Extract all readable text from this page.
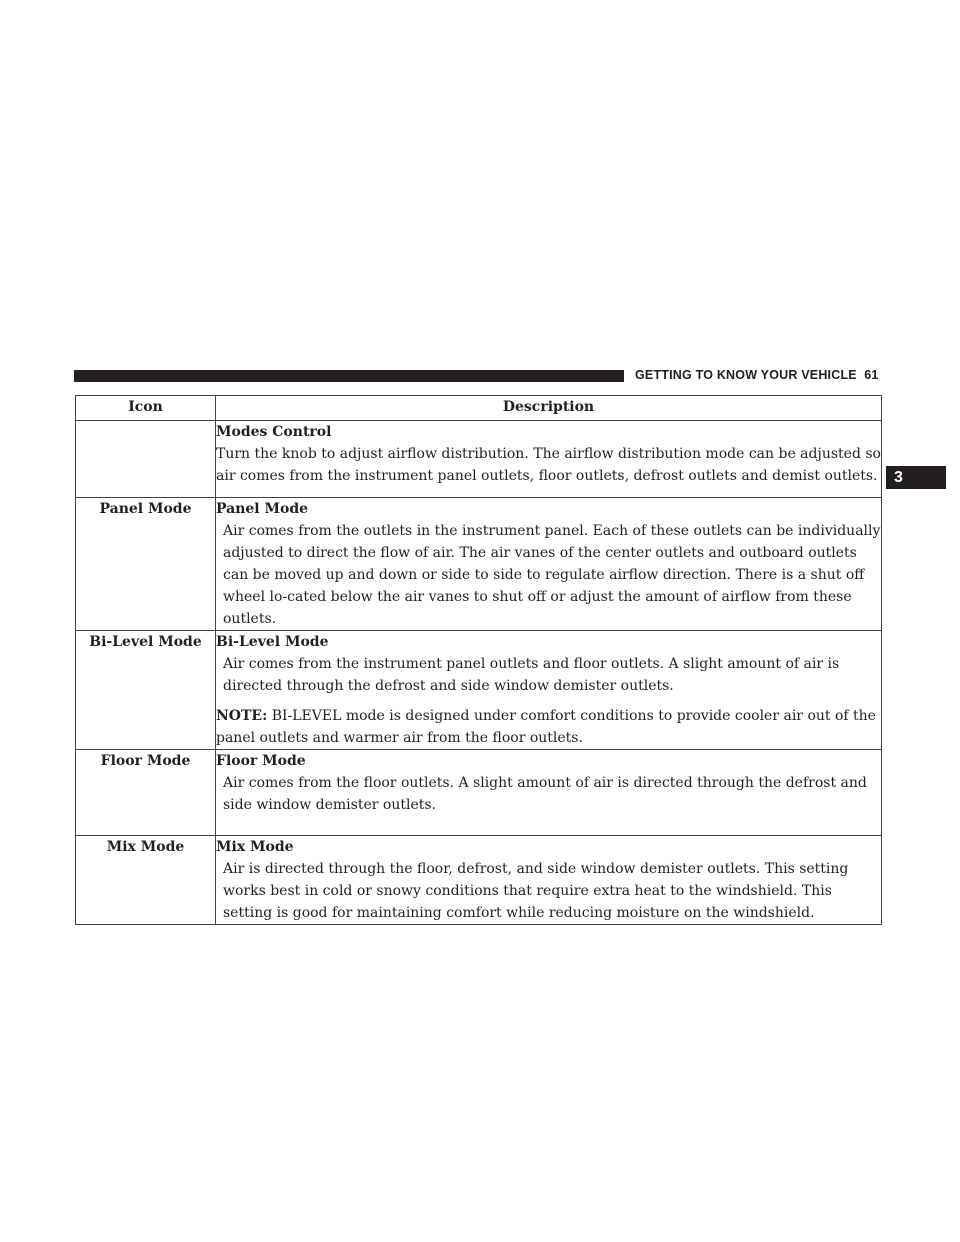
GETTING TO KNOW YOUR VEHICLE 61
3
Icon	Description

	Modes Control
Turn the knob to adjust airflow distribution. The airflow distribution mode can be adjusted so air comes from the instrument panel outlets, floor outlets, defrost outlets and demist outlets.

Panel Mode	Panel Mode
Air comes from the outlets in the instrument panel. Each of these outlets can be individually adjusted to direct the flow of air. The air vanes of the center outlets and outboard outlets can be moved up and down or side to side to regulate airflow direction. There is a shut off wheel lo-cated below the air vanes to shut off or adjust the amount of airflow from these outlets.

Bi-Level Mode	Bi-Level Mode
Air comes from the instrument panel outlets and floor outlets. A slight amount of air is directed through the defrost and side window demister outlets.
NOTE: BI-LEVEL mode is designed under comfort conditions to provide cooler air out of the panel outlets and warmer air from the floor outlets.

Floor Mode	Floor Mode
Air comes from the floor outlets. A slight amount of air is directed through the defrost and side window demister outlets.

Mix Mode	Mix Mode
Air is directed through the floor, defrost, and side window demister outlets. This setting works best in cold or snowy conditions that require extra heat to the windshield. This setting is good for maintaining comfort while reducing moisture on the windshield.
